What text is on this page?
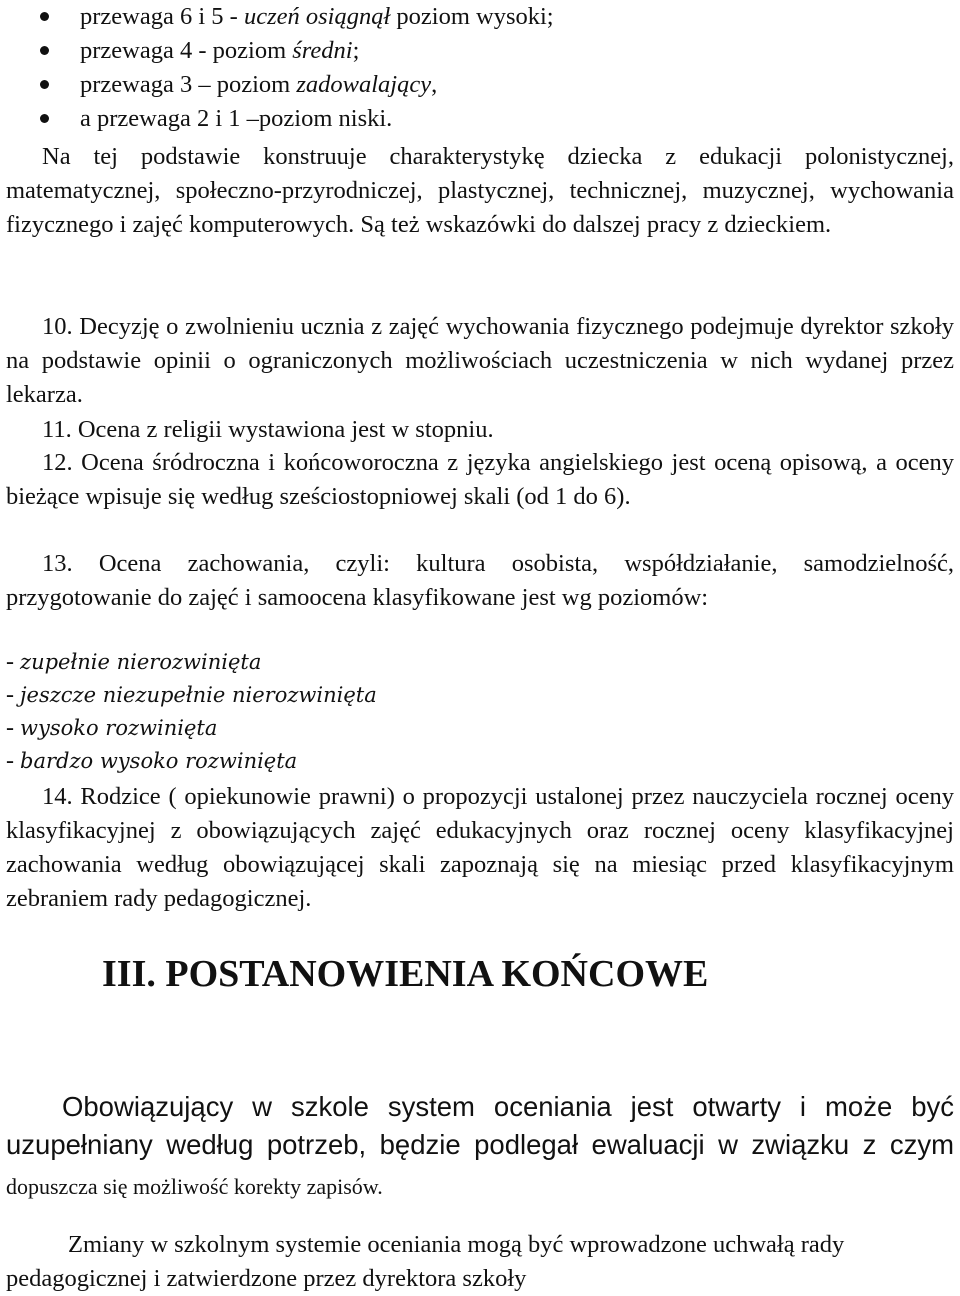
przewaga 6 i 5 - uczeń osiągnął poziom wysoki;
przewaga 4 - poziom średni;
przewaga 3 – poziom zadowalający,
a przewaga 2 i 1 –poziom niski.

Na tej podstawie konstruuje charakterystykę dziecka z edukacji polonistycznej, matematycznej, społeczno-przyrodniczej, plastycznej, technicznej, muzycznej, wychowania fizycznego i zajęć komputerowych. Są też wskazówki do dalszej pracy z dzieckiem.

10. Decyzję o zwolnieniu ucznia z zajęć wychowania fizycznego podejmuje dyrektor szkoły na podstawie opinii o ograniczonych możliwościach uczestniczenia w nich wydanej przez lekarza.

11. Ocena z religii wystawiona jest w stopniu.

12. Ocena śródroczna i końcoworoczna z języka angielskiego jest oceną opisową, a oceny bieżące wpisuje się według sześciostopniowej skali (od 1 do 6).

13. Ocena zachowania, czyli: kultura osobista, współdziałanie, samodzielność, przygotowanie do zajęć i samoocena klasyfikowane jest wg poziomów:

- zupełnie nierozwinięta
- jeszcze niezupełnie nierozwinięta
- wysoko rozwinięta
- bardzo wysoko rozwinięta

14. Rodzice ( opiekunowie prawni) o propozycji ustalonej przez nauczyciela rocznej oceny klasyfikacyjnej z obowiązujących zajęć edukacyjnych oraz rocznej oceny klasyfikacyjnej zachowania według obowiązującej skali zapoznają się na miesiąc przed klasyfikacyjnym zebraniem rady pedagogicznej.

III. POSTANOWIENIA KOŃCOWE

Obowiązujący w szkole system oceniania jest otwarty i może być uzupełniany według potrzeb, będzie podlegał ewaluacji w związku z czym dopuszcza się możliwość korekty zapisów.

Zmiany w szkolnym systemie oceniania mogą być wprowadzone uchwałą rady pedagogicznej i zatwierdzone przez dyrektora szkoły
